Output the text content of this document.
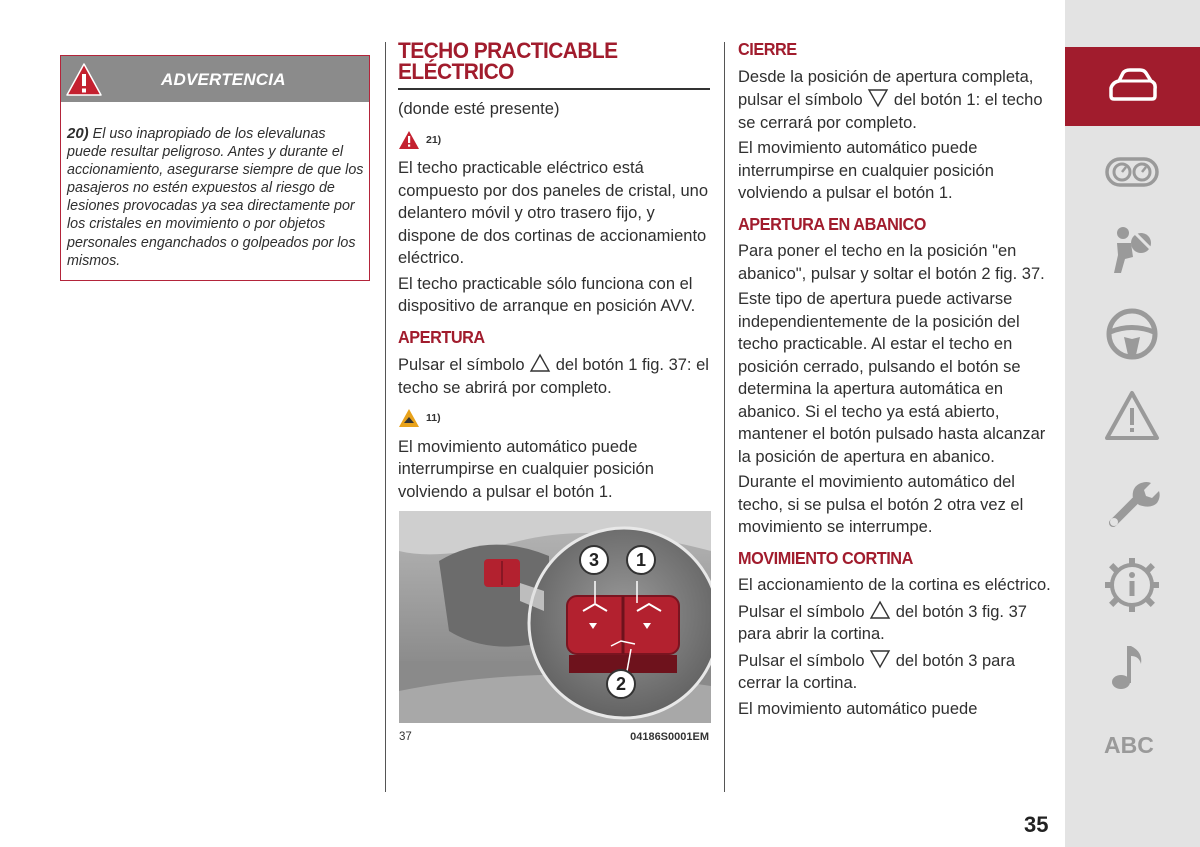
ADVERTENCIA
20) El uso inapropiado de los elevalunas puede resultar peligroso. Antes y durante el accionamiento, asegurarse siempre de que los pasajeros no estén expuestos al riesgo de lesiones provocadas ya sea directamente por los cristales en movimiento o por objetos personales enganchados o golpeados por los mismos.
TECHO PRACTICABLE
ELÉCTRICO

(donde esté presente)

21)

El techo practicable eléctrico está compuesto por dos paneles de cristal, uno delantero móvil y otro trasero fijo, y dispone de dos cortinas de accionamiento eléctrico.

El techo practicable sólo funciona con el dispositivo de arranque en posición AVV.

APERTURA

Pulsar el símbolo del botón 1 fig. 37: el techo se abrirá por completo.

11)

El movimiento automático puede interrumpirse en cualquier posición volviendo a pulsar el botón 1.

3	1
2
37	04186S0001EM
CIERRE

Desde la posición de apertura completa, pulsar el símbolo del botón 1: el techo se cerrará por completo.

El movimiento automático puede interrumpirse en cualquier posición volviendo a pulsar el botón 1.

APERTURA EN ABANICO

Para poner el techo en la posición "en abanico", pulsar y soltar el botón 2 fig. 37.

Este tipo de apertura puede activarse independientemente de la posición del techo practicable. Al estar el techo en posición cerrado, pulsando el botón se determina la apertura automática en abanico. Si el techo ya está abierto, mantener el botón pulsado hasta alcanzar la posición de apertura en abanico.

Durante el movimiento automático del techo, si se pulsa el botón 2 otra vez el movimiento se interrumpe.

MOVIMIENTO CORTINA

El accionamiento de la cortina es eléctrico.

Pulsar el símbolo del botón 3 fig. 37 para abrir la cortina.

Pulsar el símbolo del botón 3 para cerrar la cortina.

El movimiento automático puede

35
ABC
